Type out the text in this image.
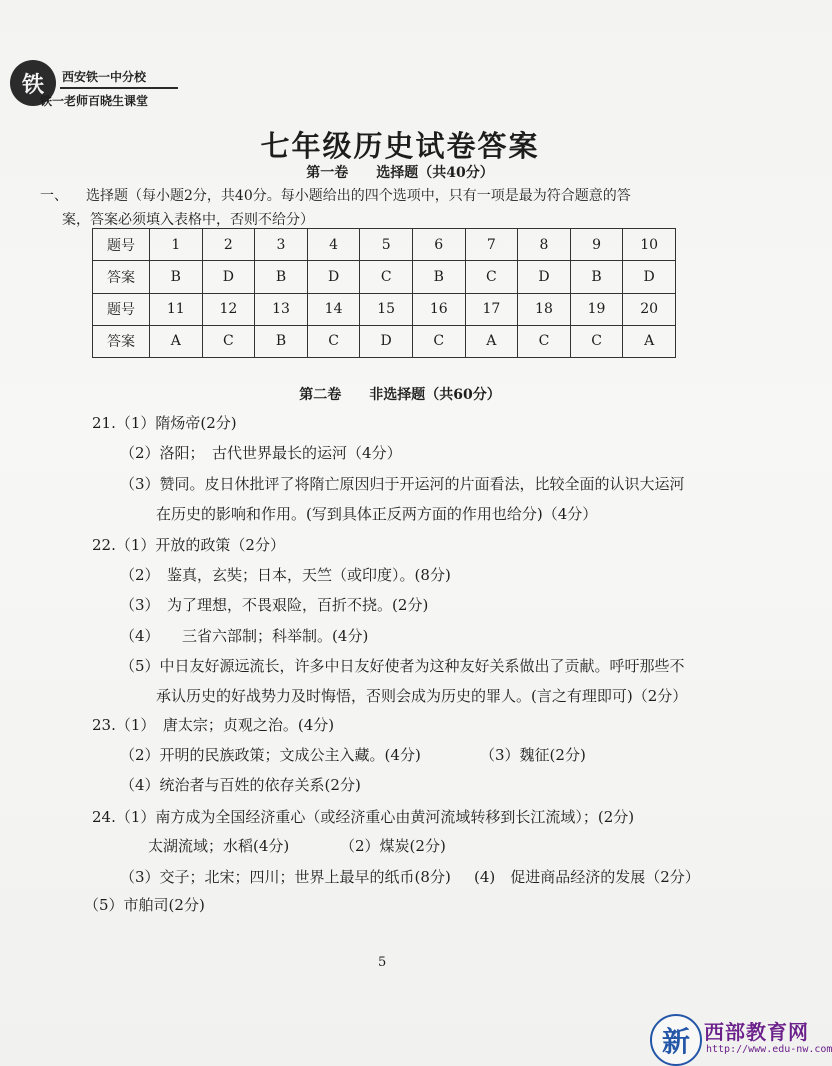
铁	西安铁一中分校
铁一老师百晓生课堂
七年级历史试卷答案
第一卷　　选择题（共40分）
一、 选择题（每小题2分，共40分。每小题给出的四个选项中，只有一项是最为符合题意的答
案，答案必须填入表格中，否则不给分）
题号	1	2	3	4	5	6	7	8	9	10
答案	B	D	B	D	C	B	C	D	B	D
题号	11	12	13	14	15	16	17	18	19	20
答案	A	C	B	C	D	C	A	C	C	A
第二卷　　非选择题（共60分）
21.（1）隋炀帝(2分)
（2）洛阳；　古代世界最长的运河（4分）
（3）赞同。皮日休批评了将隋亡原因归于开运河的片面看法，比较全面的认识大运河
在历史的影响和作用。(写到具体正反两方面的作用也给分)（4分）
22.（1）开放的政策（2分）
（2）　鉴真，玄奘；日本，天竺（或印度）。(8分)
（3）　为了理想，不畏艰险，百折不挠。(2分)
（4）　　三省六部制；科举制。(4分)
（5）中日友好源远流长，许多中日友好使者为这种友好关系做出了贡献。呼吁那些不
承认历史的好战势力及时悔悟，否则会成为历史的罪人。(言之有理即可)（2分）
23.（1）　唐太宗；贞观之治。(4分)
（2）开明的民族政策；文成公主入藏。(4分)	（3）魏征(2分)
（4）统治者与百姓的依存关系(2分)
24.（1）南方成为全国经济重心（或经济重心由黄河流域转移到长江流域）；(2分)
太湖流域；水稻(4分)	（2）煤炭(2分)
（3）交子；北宋；四川；世界上最早的纸币(8分) (4)　促进商品经济的发展（2分）
（5）市舶司(2分)
5
新 西部教育网
http://www.edu-nw.com
